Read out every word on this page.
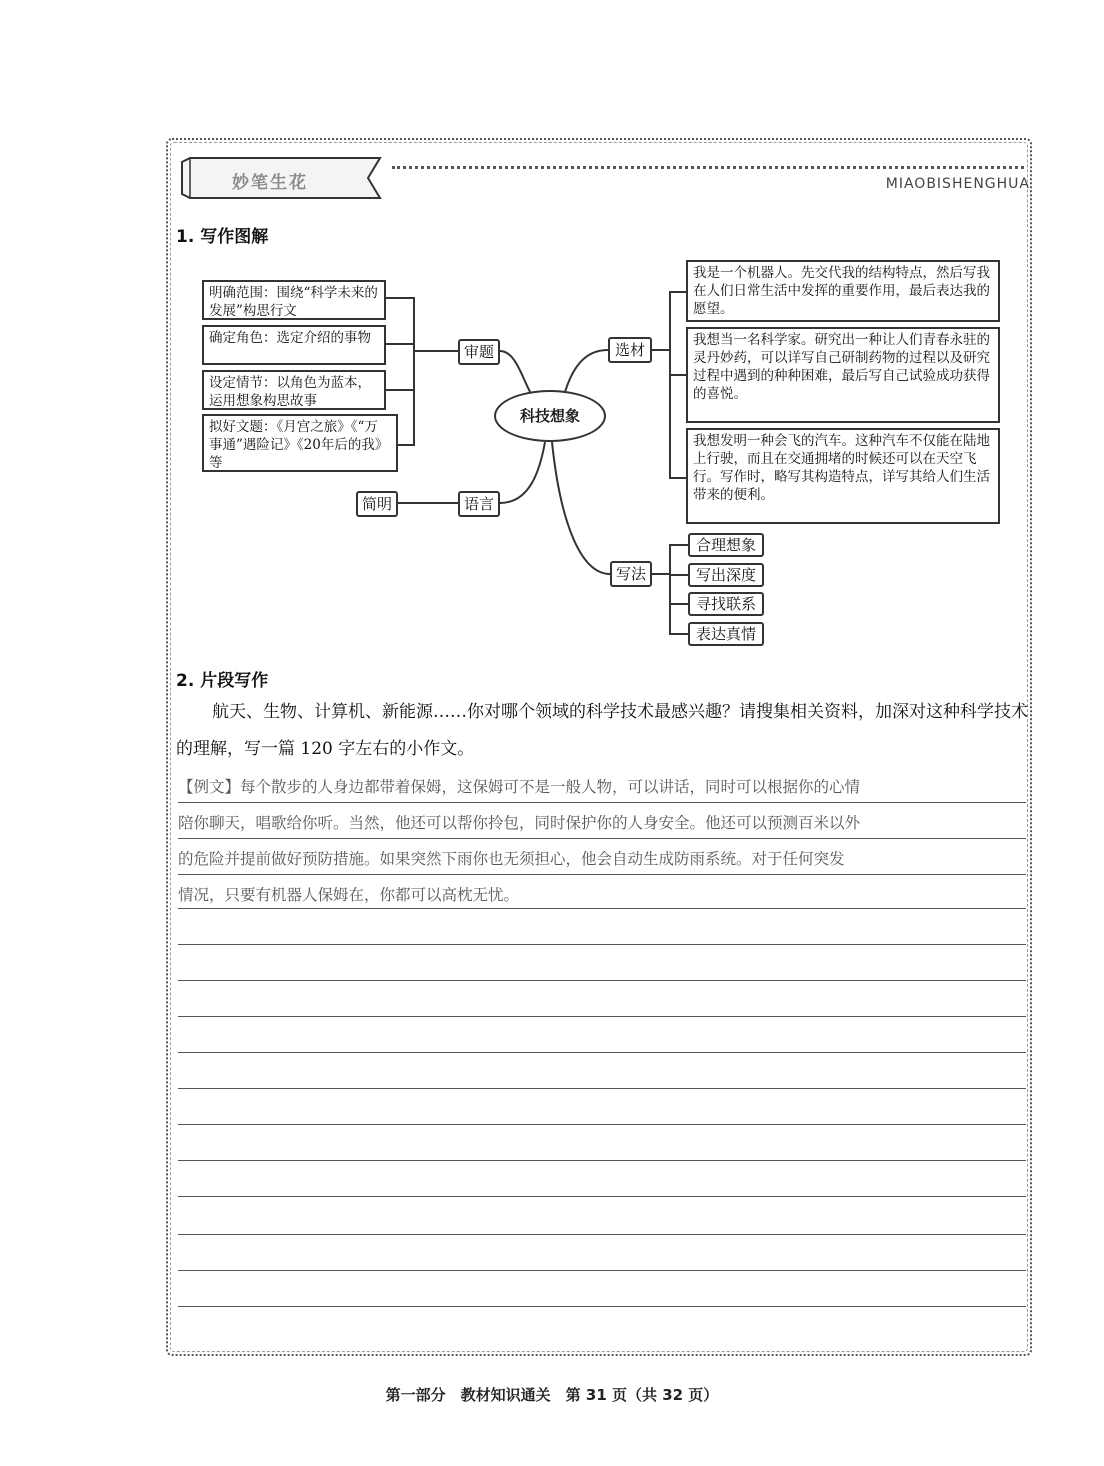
妙笔生花	MIAOBISHENGHUA
1. 写作图解
明确范围：围绕“科学未来的发展”构思行文
确定角色：选定介绍的事物
设定情节：以角色为蓝本，运用想象构思故事
拟好文题：《月宫之旅》《“万事通”遇险记》《20年后的我》等
审题
简明	语言
科技想象
选材
我是一个机器人。先交代我的结构特点，然后写我在人们日常生活中发挥的重要作用，最后表达我的愿望。
我想当一名科学家。研究出一种让人们青春永驻的灵丹妙药，可以详写自己研制药物的过程以及研究过程中遇到的种种困难，最后写自己试验成功获得的喜悦。
我想发明一种会飞的汽车。这种汽车不仅能在陆地上行驶，而且在交通拥堵的时候还可以在天空飞行。写作时，略写其构造特点，详写其给人们生活带来的便利。
写法
合理想象
写出深度
寻找联系
表达真情
2. 片段写作
航天、生物、计算机、新能源……你对哪个领域的科学技术最感兴趣？请搜集相关资料，加深对这种科学技术的理解，写一篇 120 字左右的小作文。
【例文】每个散步的人身边都带着保姆，这保姆可不是一般人物，可以讲话，同时可以根据你的心情
陪你聊天，唱歌给你听。当然，他还可以帮你拎包，同时保护你的人身安全。他还可以预测百米以外
的危险并提前做好预防措施。如果突然下雨你也无须担心，他会自动生成防雨系统。对于任何突发
情况，只要有机器人保姆在，你都可以高枕无忧。
第一部分　教材知识通关　第 31 页（共 32 页）
